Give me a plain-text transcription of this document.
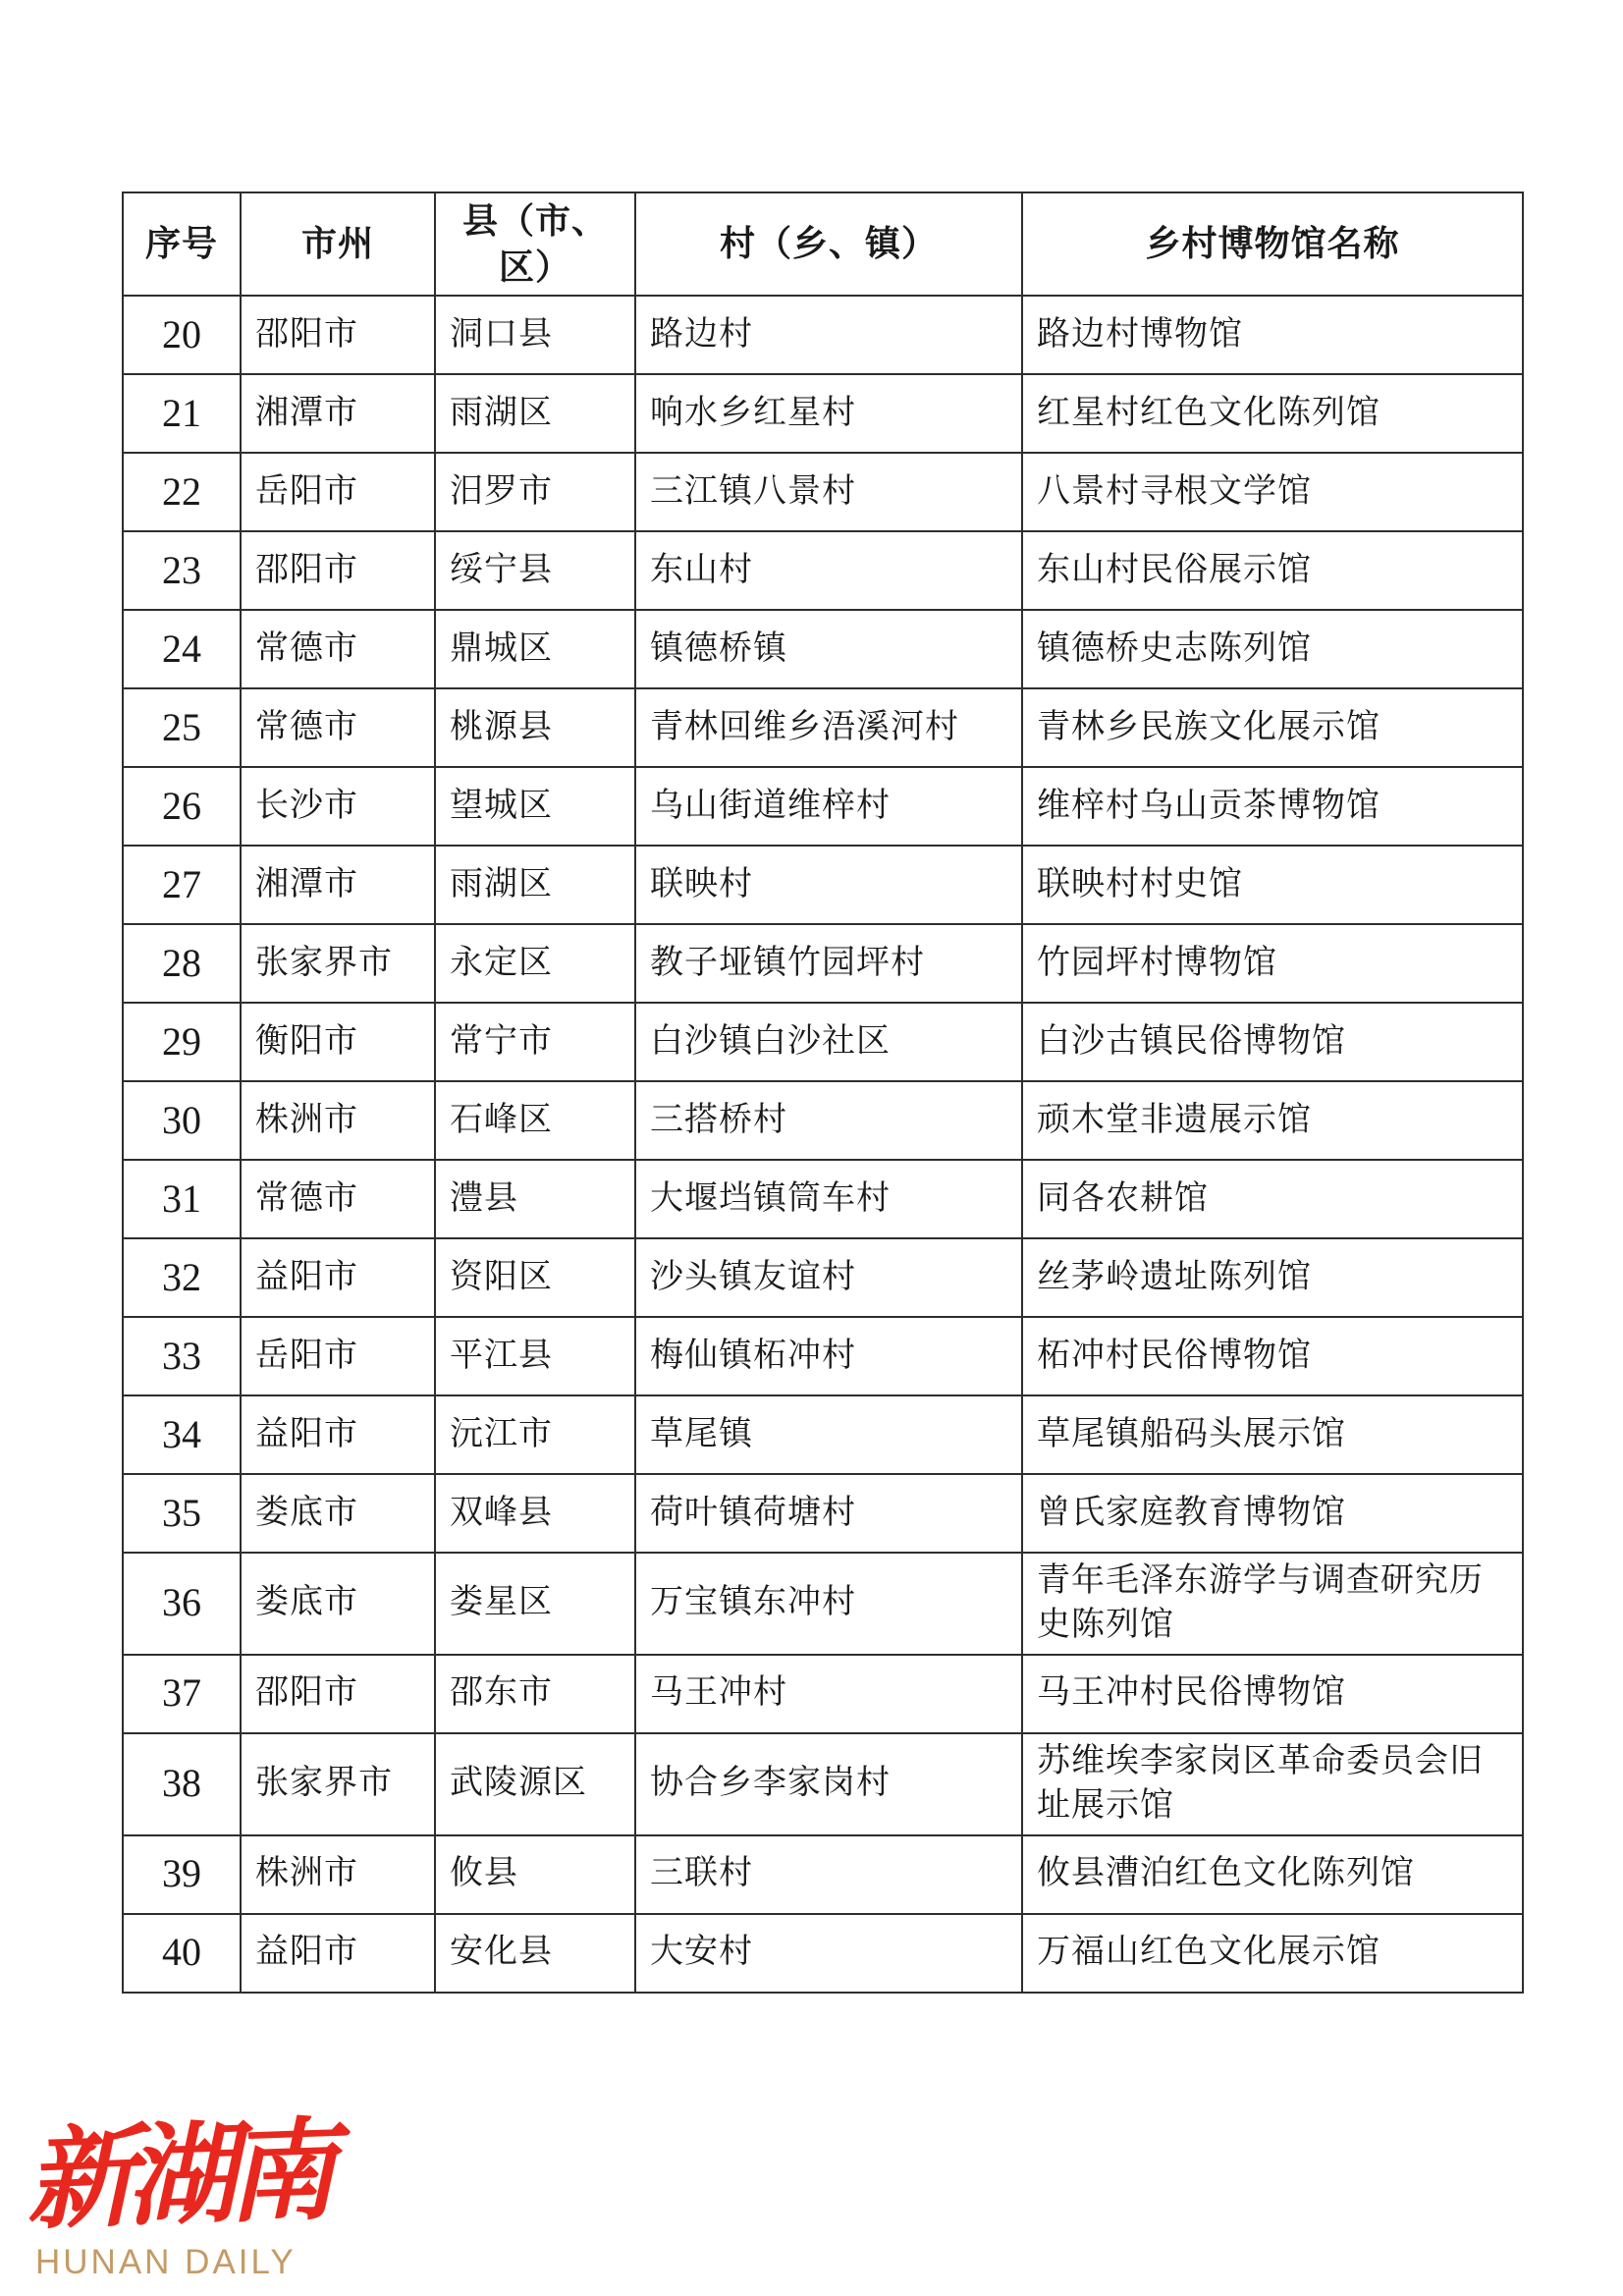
序号	市州	县（市、区）	村（乡、镇）	乡村博物馆名称
20	邵阳市	洞口县	路边村	路边村博物馆
21	湘潭市	雨湖区	响水乡红星村	红星村红色文化陈列馆
22	岳阳市	汨罗市	三江镇八景村	八景村寻根文学馆
23	邵阳市	绥宁县	东山村	东山村民俗展示馆
24	常德市	鼎城区	镇德桥镇	镇德桥史志陈列馆
25	常德市	桃源县	青林回维乡浯溪河村	青林乡民族文化展示馆
26	长沙市	望城区	乌山街道维梓村	维梓村乌山贡茶博物馆
27	湘潭市	雨湖区	联映村	联映村村史馆
28	张家界市	永定区	教子垭镇竹园坪村	竹园坪村博物馆
29	衡阳市	常宁市	白沙镇白沙社区	白沙古镇民俗博物馆
30	株洲市	石峰区	三搭桥村	顽木堂非遗展示馆
31	常德市	澧县	大堰垱镇筒车村	同各农耕馆
32	益阳市	资阳区	沙头镇友谊村	丝茅岭遗址陈列馆
33	岳阳市	平江县	梅仙镇柘冲村	柘冲村民俗博物馆
34	益阳市	沅江市	草尾镇	草尾镇船码头展示馆
35	娄底市	双峰县	荷叶镇荷塘村	曾氏家庭教育博物馆
36	娄底市	娄星区	万宝镇东冲村	青年毛泽东游学与调查研究历史陈列馆
37	邵阳市	邵东市	马王冲村	马王冲村民俗博物馆
38	张家界市	武陵源区	协合乡李家岗村	苏维埃李家岗区革命委员会旧址展示馆
39	株洲市	攸县	三联村	攸县漕泊红色文化陈列馆
40	益阳市	安化县	大安村	万福山红色文化展示馆
新湖南
HUNAN DAILY
